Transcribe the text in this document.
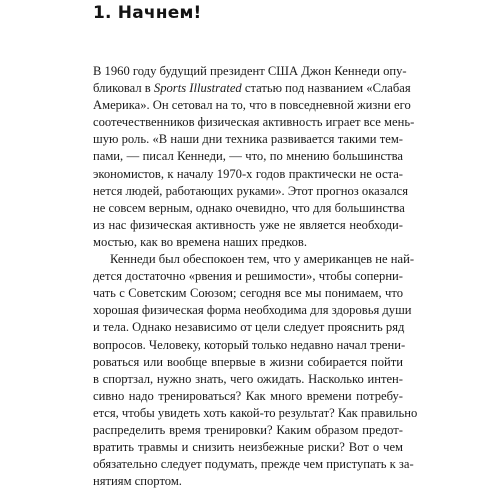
1. Начнем!
В 1960 году будущий президент США Джон Кеннеди опу-
бликовал в Sports Illustrated статью под названием «Слабая
Америка». Он сетовал на то, что в повседневной жизни его
соотечественников физическая активность играет все мень-
шую роль. «В наши дни техника развивается такими тем-
пами, — писал Кеннеди, — что, по мнению большинства
экономистов, к началу 1970-х годов практически не оста-
нется людей, работающих руками». Этот прогноз оказался
не совсем верным, однако очевидно, что для большинства
из нас физическая активность уже не является необходи-
мостью, как во времена наших предков.
Кеннеди был обеспокоен тем, что у американцев не най-
дется достаточно «рвения и решимости», чтобы соперни-
чать с Советским Союзом; сегодня все мы понимаем, что
хорошая физическая форма необходима для здоровья души
и тела. Однако независимо от цели следует прояснить ряд
вопросов. Человеку, который только недавно начал трени-
роваться или вообще впервые в жизни собирается пойти
в спортзал, нужно знать, чего ожидать. Насколько интен-
сивно надо тренироваться? Как много времени потребу-
ется, чтобы увидеть хоть какой-то результат? Как правильно
распределить время тренировки? Каким образом предот-
вратить травмы и снизить неизбежные риски? Вот о чем
обязательно следует подумать, прежде чем приступать к за-
нятиям спортом.
